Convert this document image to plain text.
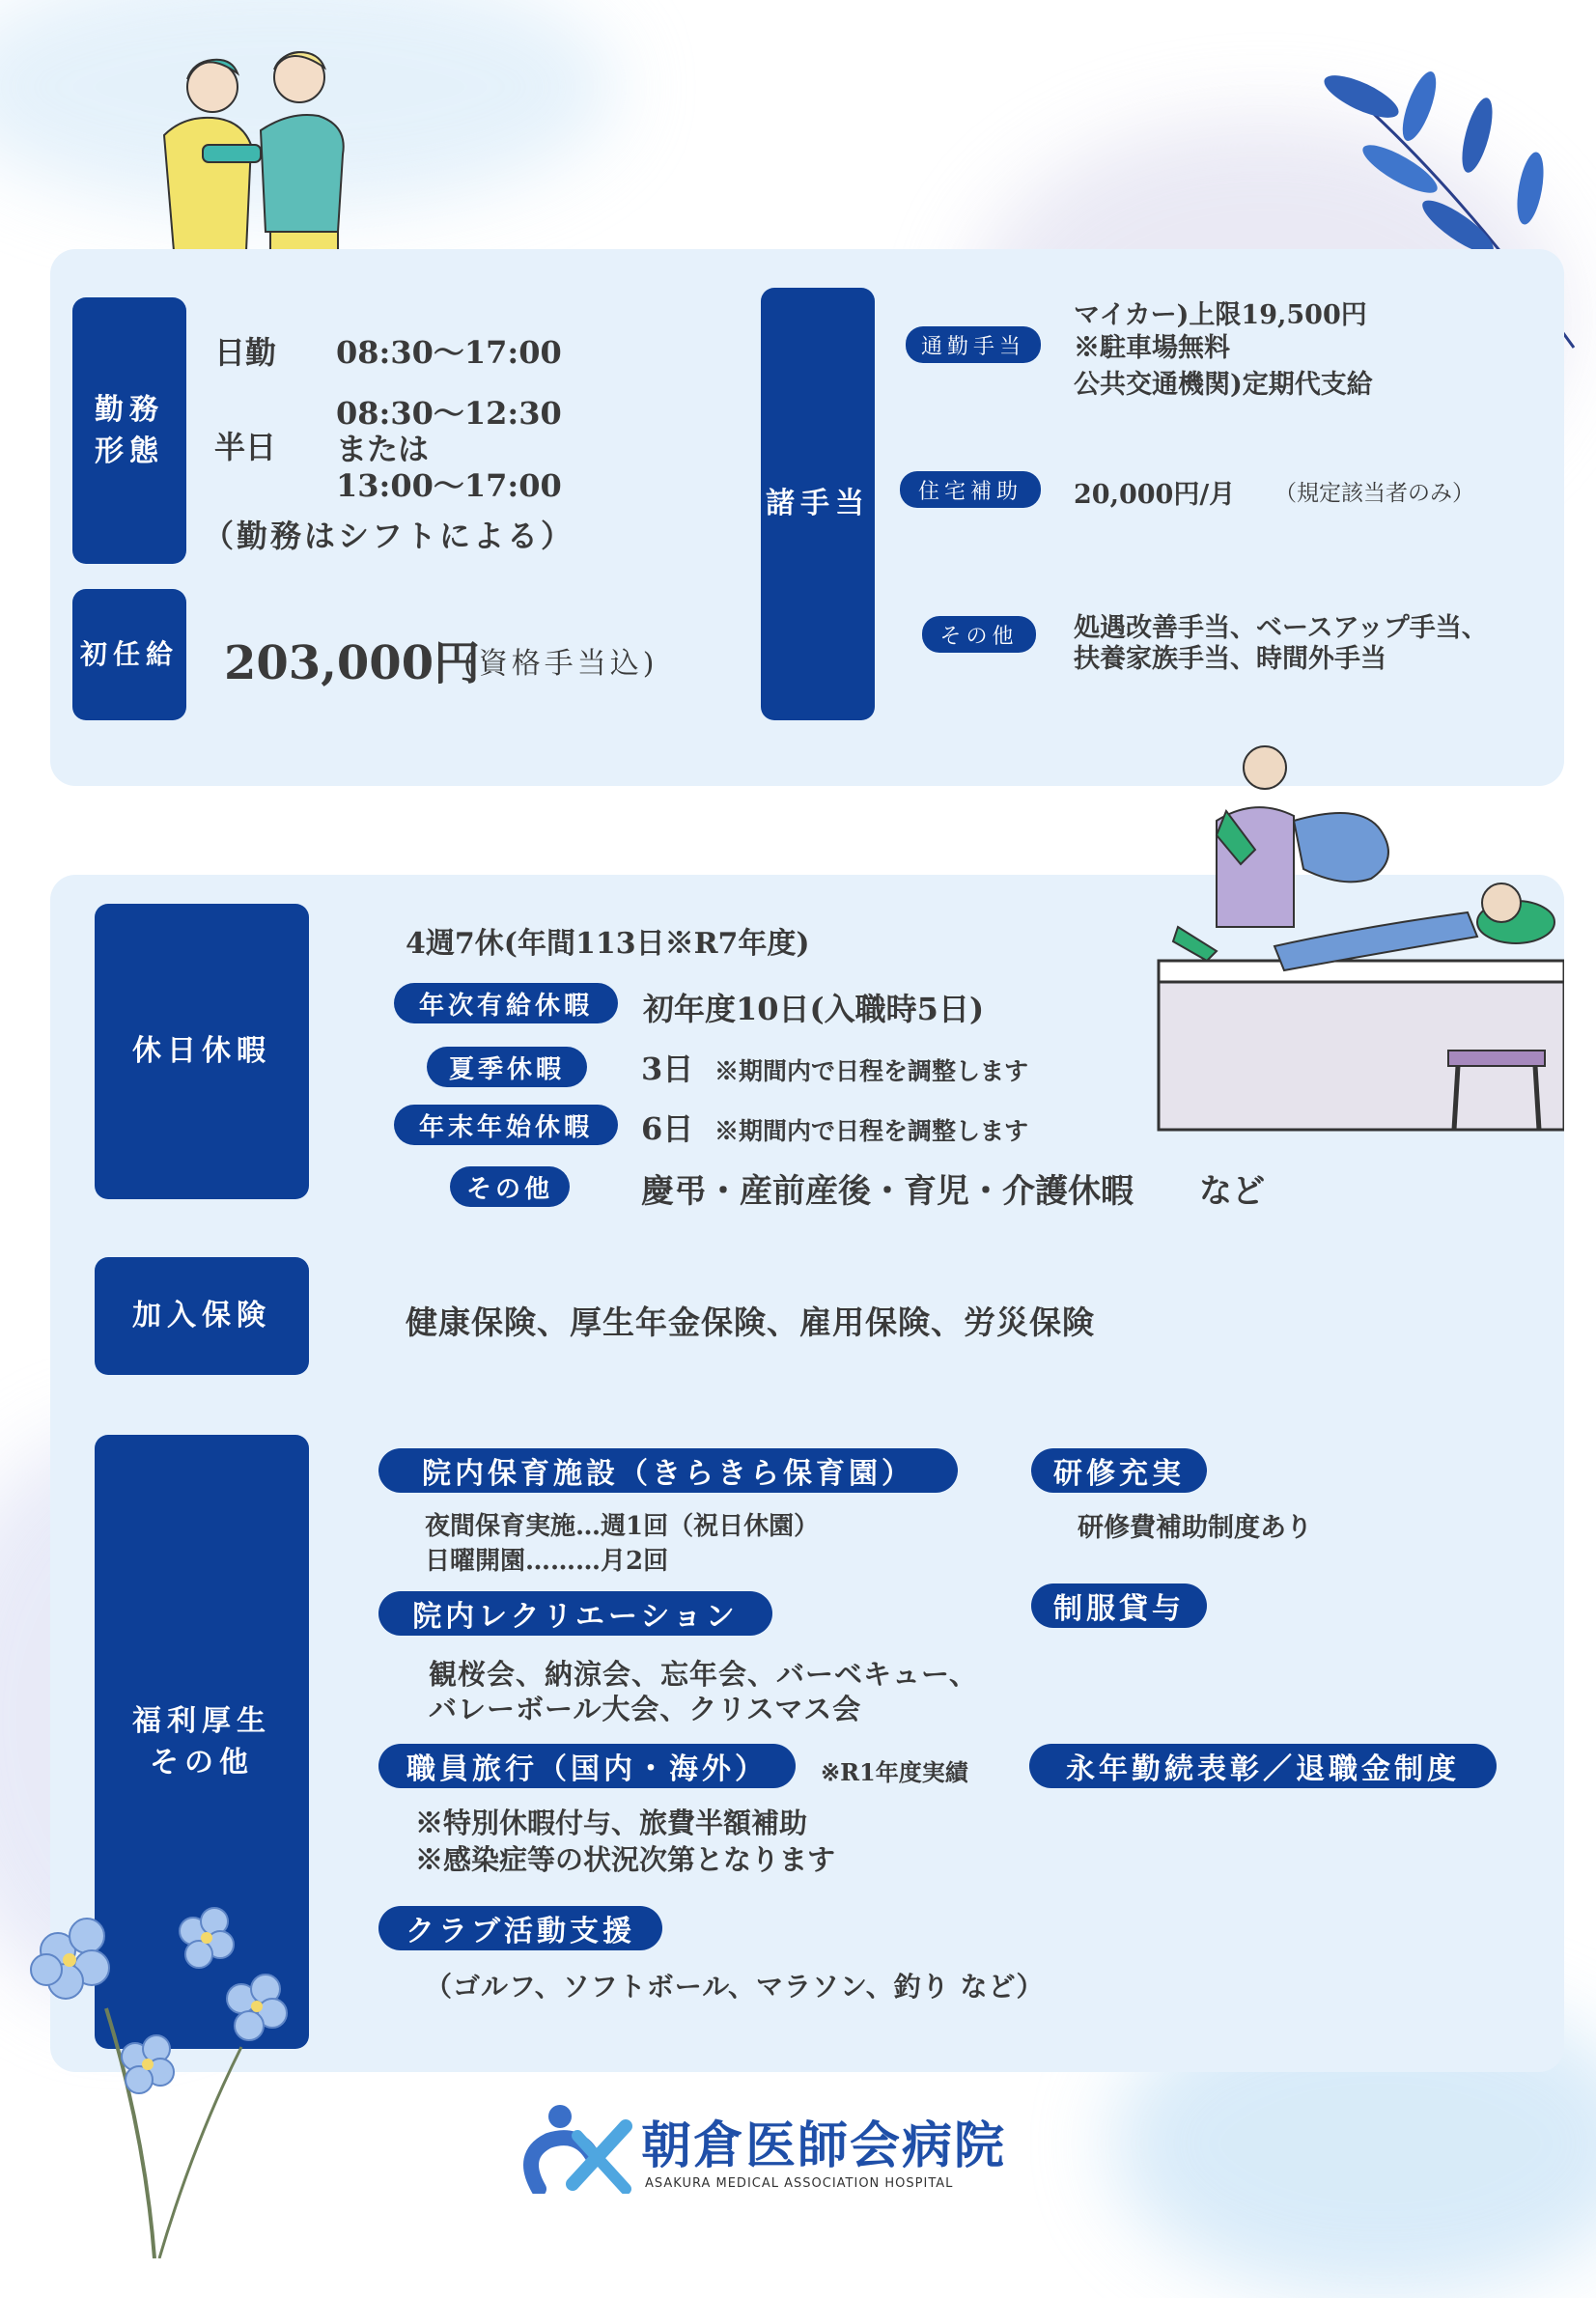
勤務
形態
日勤 08:30〜17:00
半日
08:30〜12:30
または
13:00〜17:00
（勤務はシフトによる）
初任給 203,000円
(資格手当込)
諸手当
通勤手当
マイカー)上限19,500円
※駐車場無料
公共交通機関)定期代支給
住宅補助	20,000円/月 （規定該当者のみ）
その他	処遇改善手当、ベースアップ手当、
扶養家族手当、時間外手当
休日休暇
4週7休(年間113日※R7年度)
年次有給休暇	初年度10日(入職時5日)
夏季休暇	3日 ※期間内で日程を調整します
年末年始休暇	6日 ※期間内で日程を調整します
その他	慶弔・産前産後・育児・介護休暇　　など
加入保険	健康保険、厚生年金保険、雇用保険、労災保険
福利厚生
その他
院内保育施設（きらきら保育園）
夜間保育実施…週1回（祝日休園）
日曜開園………月2回
院内レクリエーション
観桜会、納涼会、忘年会、バーベキュー、
バレーボール大会、クリスマス会
職員旅行（国内・海外）	※R1年度実績
※特別休暇付与、旅費半額補助
※感染症等の状況次第となります
クラブ活動支援
（ゴルフ、ソフトボール、マラソン、釣り など）
研修充実
研修費補助制度あり
制服貸与
永年勤続表彰／退職金制度
朝倉医師会病院
ASAKURA MEDICAL ASSOCIATION HOSPITAL
